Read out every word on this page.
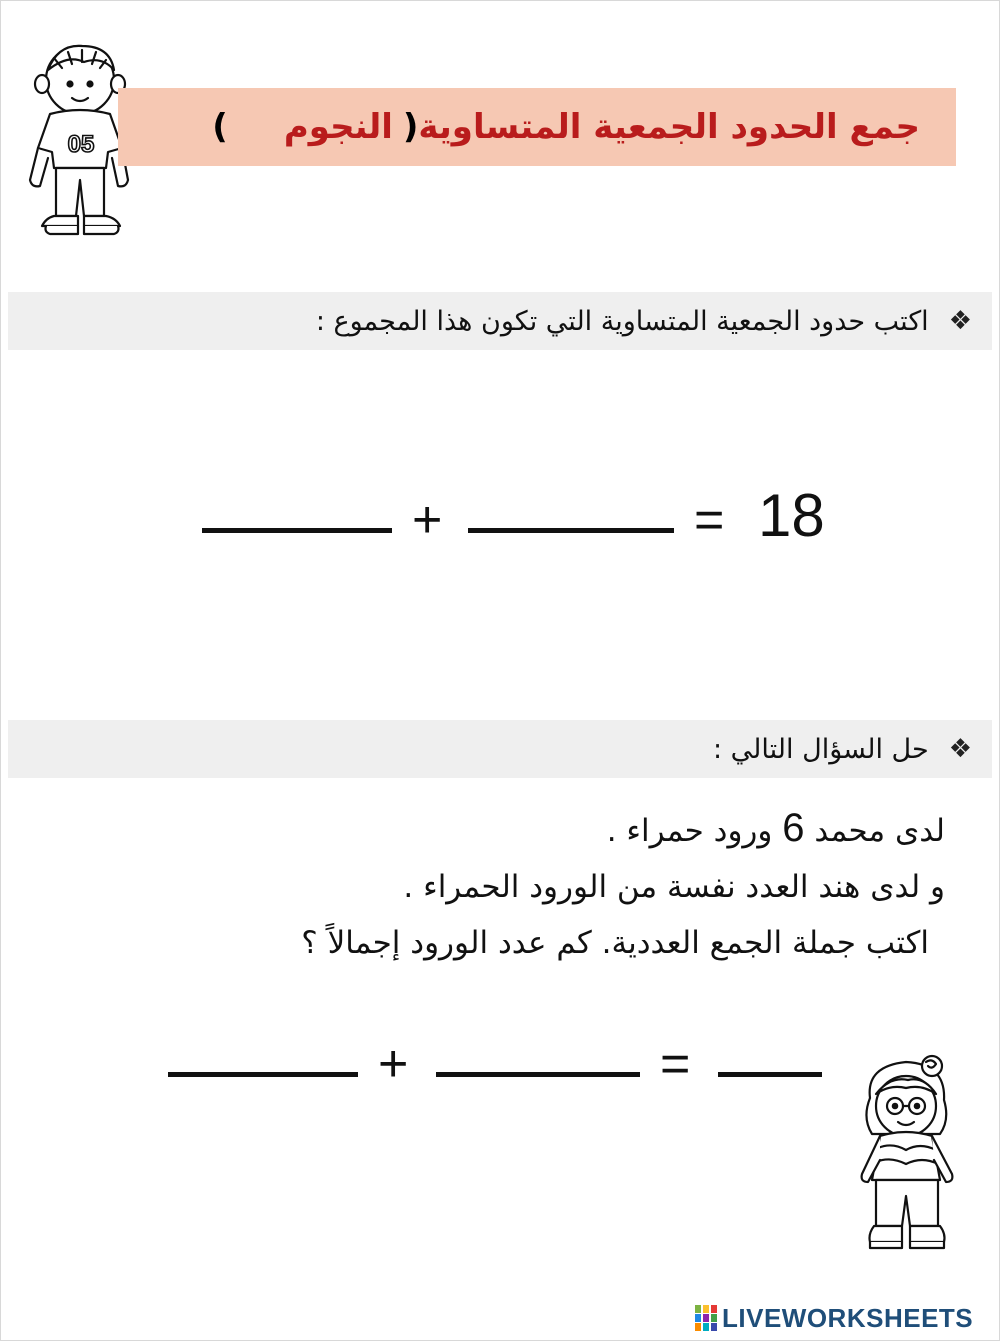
05	جمع الحدود الجمعية المتساوية
(
النجوم
)
❖
اكتب حدود الجمعية المتساوية التي تكون هذا المجموع :
+	= 18
❖
حل السؤال التالي :
لدى محمد 6 ورود حمراء .
و لدى هند العدد نفسة من الورود الحمراء .
اكتب جملة الجمع العددية. كم عدد الورود إجمالاً ؟
+	=
LIVEWORKSHEETS
